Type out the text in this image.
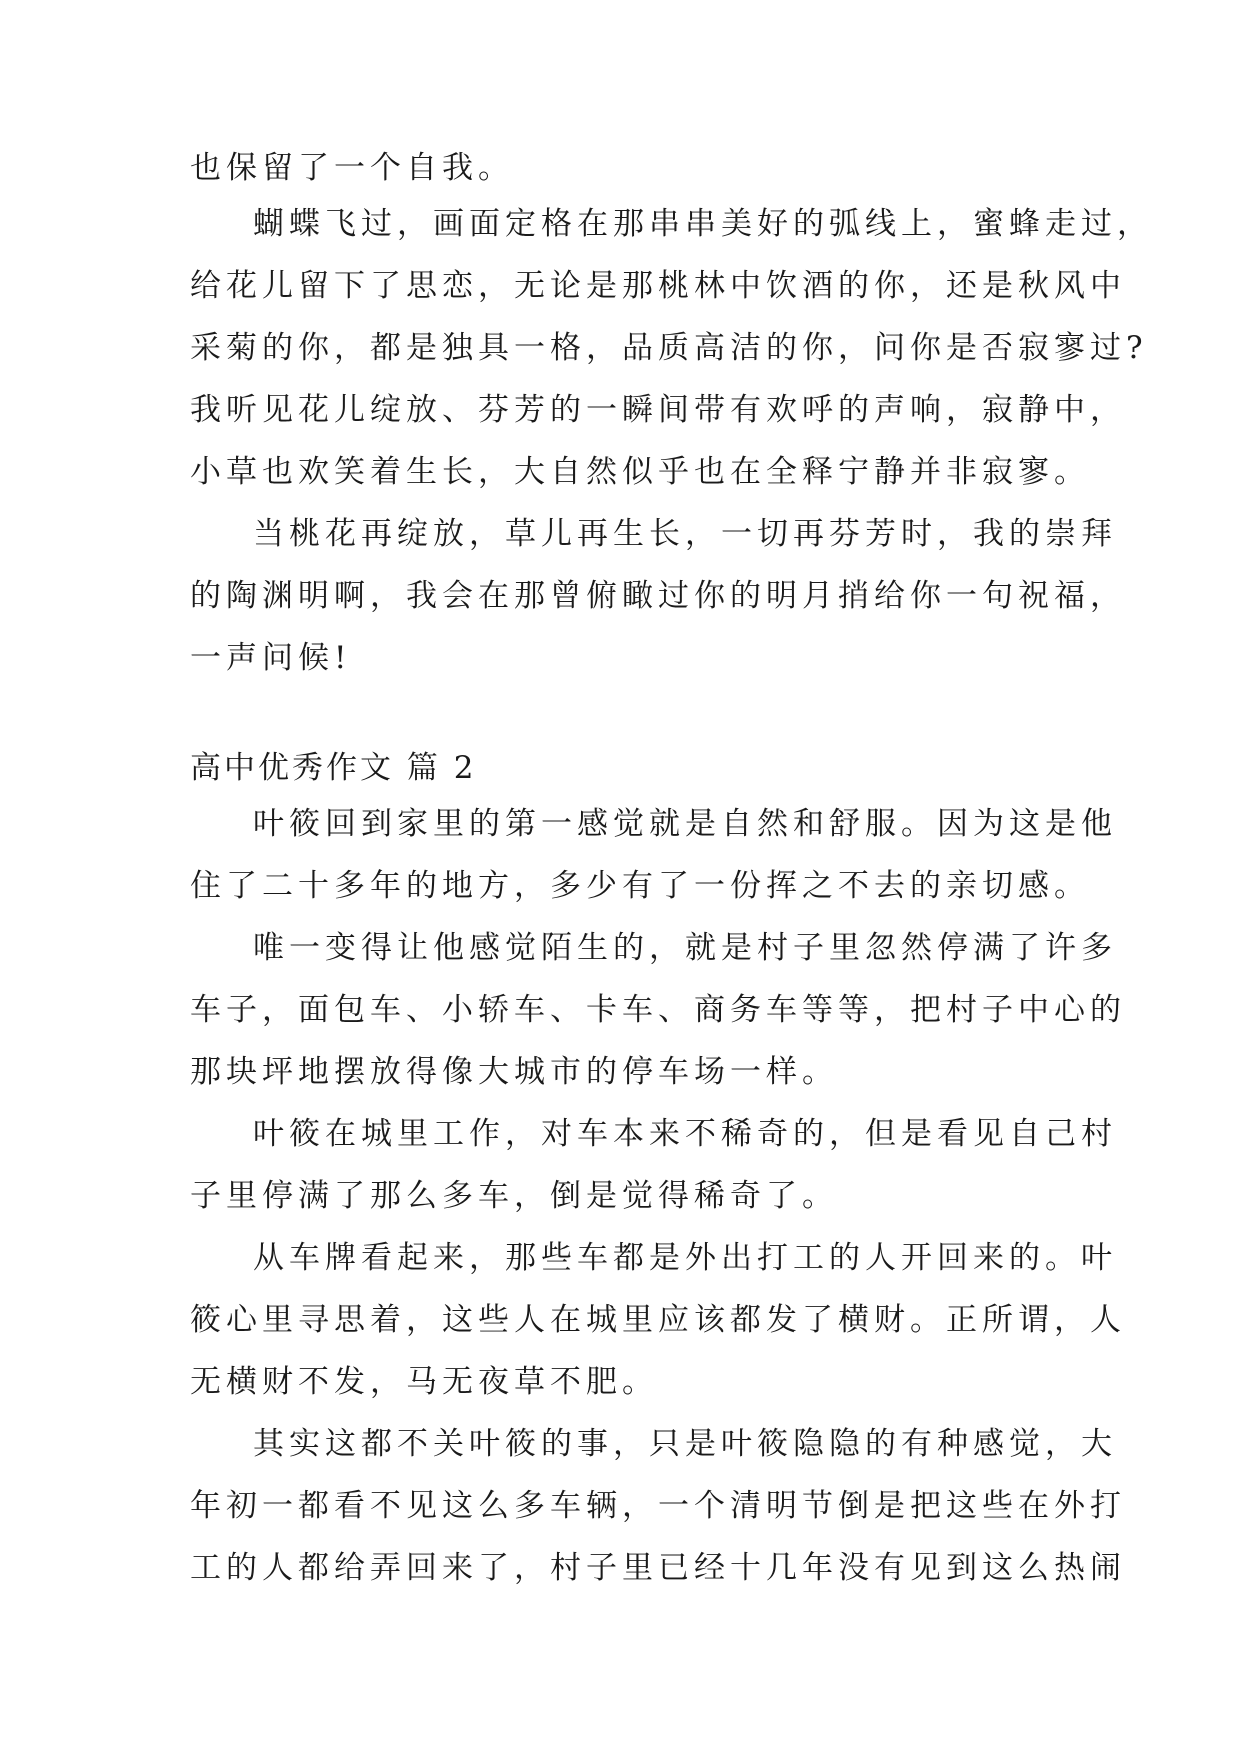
也保留了一个自我。

蝴蝶飞过，画面定格在那串串美好的弧线上，蜜蜂走过，

给花儿留下了思恋，无论是那桃林中饮酒的你，还是秋风中

采菊的你，都是独具一格，品质高洁的你，问你是否寂寥过?

我听见花儿绽放、芬芳的一瞬间带有欢呼的声响，寂静中，

小草也欢笑着生长，大自然似乎也在全释宁静并非寂寥。

当桃花再绽放，草儿再生长，一切再芬芳时，我的崇拜

的陶渊明啊，我会在那曾俯瞰过你的明月捎给你一句祝福，

一声问候!

高中优秀作文 篇 2

叶筱回到家里的第一感觉就是自然和舒服。因为这是他

住了二十多年的地方，多少有了一份挥之不去的亲切感。

唯一变得让他感觉陌生的，就是村子里忽然停满了许多

车子，面包车、小轿车、卡车、商务车等等，把村子中心的

那块坪地摆放得像大城市的停车场一样。

叶筱在城里工作，对车本来不稀奇的，但是看见自己村

子里停满了那么多车，倒是觉得稀奇了。

从车牌看起来，那些车都是外出打工的人开回来的。叶

筱心里寻思着，这些人在城里应该都发了横财。正所谓，人

无横财不发，马无夜草不肥。

其实这都不关叶筱的事，只是叶筱隐隐的有种感觉，大

年初一都看不见这么多车辆，一个清明节倒是把这些在外打

工的人都给弄回来了，村子里已经十几年没有见到这么热闹
